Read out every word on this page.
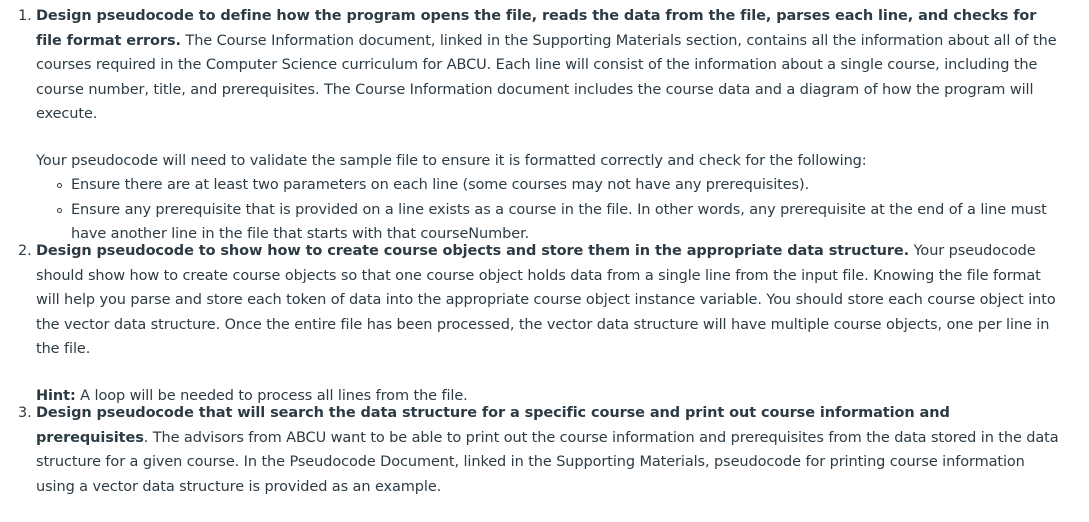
1. Design pseudocode to define how the program opens the file, reads the data from the file, parses each line, and checks for file format errors. The Course Information document, linked in the Supporting Materials section, contains all the information about all of the courses required in the Computer Science curriculum for ABCU. Each line will consist of the information about a single course, including the course number, title, and prerequisites. The Course Information document includes the course data and a diagram of how the program will execute.

Your pseudocode will need to validate the sample file to ensure it is formatted correctly and check for the following:

Ensure there are at least two parameters on each line (some courses may not have any prerequisites).
Ensure any prerequisite that is provided on a line exists as a course in the file. In other words, any prerequisite at the end of a line must have another line in the file that starts with that courseNumber.
2. Design pseudocode to show how to create course objects and store them in the appropriate data structure. Your pseudocode should show how to create course objects so that one course object holds data from a single line from the input file. Knowing the file format will help you parse and store each token of data into the appropriate course object instance variable. You should store each course object into the vector data structure. Once the entire file has been processed, the vector data structure will have multiple course objects, one per line in the file.

Hint: A loop will be needed to process all lines from the file.

3. Design pseudocode that will search the data structure for a specific course and print out course information and prerequisites. The advisors from ABCU want to be able to print out the course information and prerequisites from the data stored in the data structure for a given course. In the Pseudocode Document, linked in the Supporting Materials, pseudocode for printing course information using a vector data structure is provided as an example.
